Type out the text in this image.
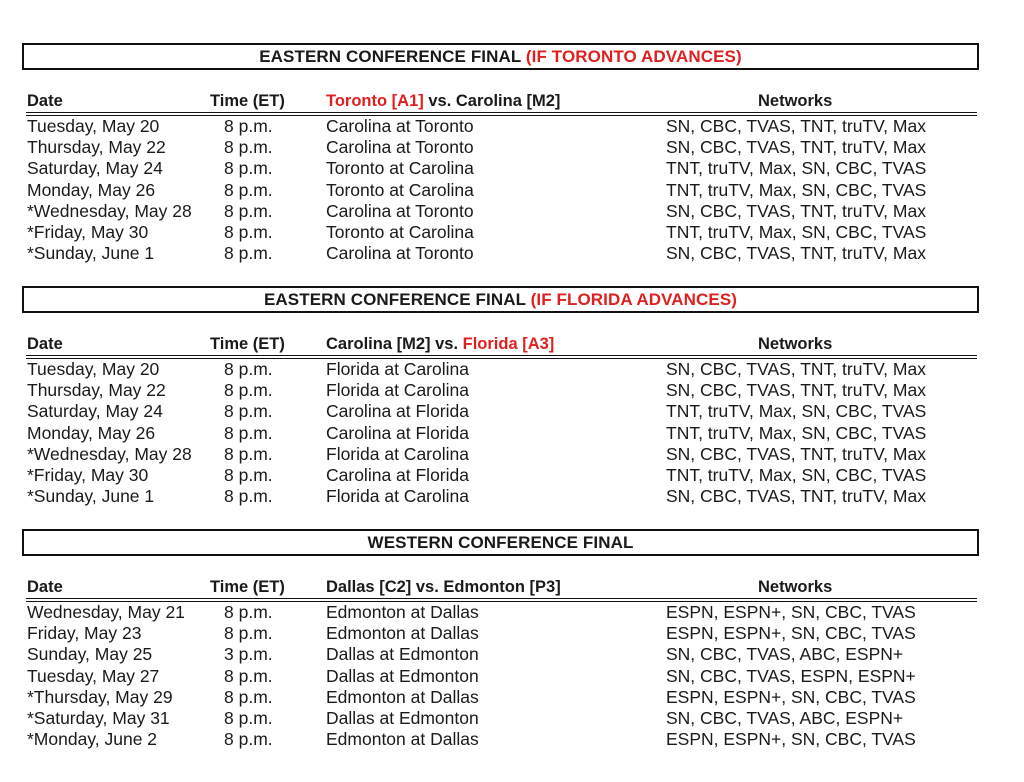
EASTERN CONFERENCE FINAL (IF TORONTO ADVANCES)
Date	Time (ET) Toronto [A1] vs. Carolina [M2]	Networks
Tuesday, May 20	8 p.m.	Carolina at Toronto	SN, CBC, TVAS, TNT, truTV, Max
Thursday, May 22	8 p.m.	Carolina at Toronto	SN, CBC, TVAS, TNT, truTV, Max
Saturday, May 24	8 p.m.	Toronto at Carolina	TNT, truTV, Max, SN, CBC, TVAS
Monday, May 26	8 p.m.	Toronto at Carolina	TNT, truTV, Max, SN, CBC, TVAS
*Wednesday, May 28 8 p.m.	Carolina at Toronto	SN, CBC, TVAS, TNT, truTV, Max
*Friday, May 30	8 p.m.	Toronto at Carolina	TNT, truTV, Max, SN, CBC, TVAS
*Sunday, June 1	8 p.m.	Carolina at Toronto	SN, CBC, TVAS, TNT, truTV, Max
EASTERN CONFERENCE FINAL (IF FLORIDA ADVANCES)
Date	Time (ET) Carolina [M2] vs. Florida [A3]	Networks
Tuesday, May 20	8 p.m.	Florida at Carolina	SN, CBC, TVAS, TNT, truTV, Max
Thursday, May 22	8 p.m.	Florida at Carolina	SN, CBC, TVAS, TNT, truTV, Max
Saturday, May 24	8 p.m.	Carolina at Florida	TNT, truTV, Max, SN, CBC, TVAS
Monday, May 26	8 p.m.	Carolina at Florida	TNT, truTV, Max, SN, CBC, TVAS
*Wednesday, May 28 8 p.m.	Florida at Carolina	SN, CBC, TVAS, TNT, truTV, Max
*Friday, May 30	8 p.m.	Carolina at Florida	TNT, truTV, Max, SN, CBC, TVAS
*Sunday, June 1	8 p.m.	Florida at Carolina	SN, CBC, TVAS, TNT, truTV, Max
WESTERN CONFERENCE FINAL
Date	Time (ET) Dallas [C2] vs. Edmonton [P3]	Networks
Wednesday, May 21 8 p.m.	Edmonton at Dallas	ESPN, ESPN+, SN, CBC, TVAS
Friday, May 23	8 p.m.	Edmonton at Dallas	ESPN, ESPN+, SN, CBC, TVAS
Sunday, May 25	3 p.m.	Dallas at Edmonton	SN, CBC, TVAS, ABC, ESPN+
Tuesday, May 27	8 p.m.	Dallas at Edmonton	SN, CBC, TVAS, ESPN, ESPN+
*Thursday, May 29	8 p.m.	Edmonton at Dallas	ESPN, ESPN+, SN, CBC, TVAS
*Saturday, May 31	8 p.m.	Dallas at Edmonton	SN, CBC, TVAS, ABC, ESPN+
*Monday, June 2	8 p.m.	Edmonton at Dallas	ESPN, ESPN+, SN, CBC, TVAS
